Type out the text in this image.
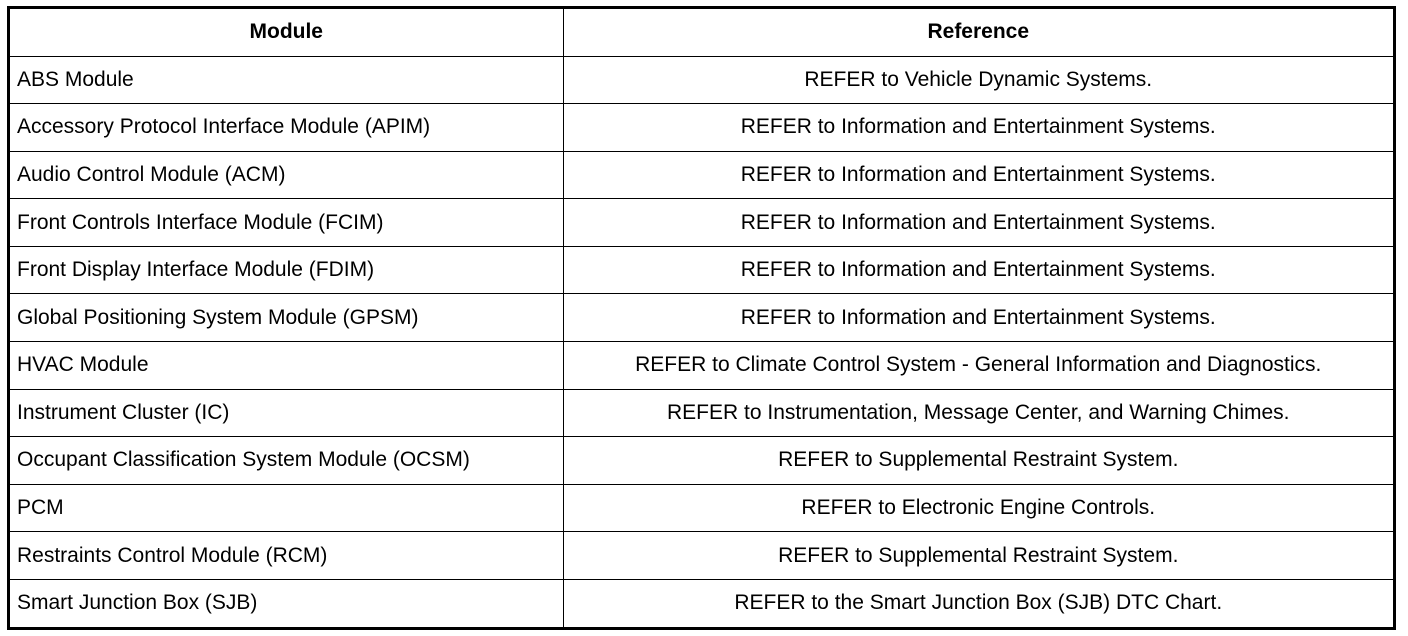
Module	Reference
ABS Module	REFER to Vehicle Dynamic Systems.
Accessory Protocol Interface Module (APIM)	REFER to Information and Entertainment Systems.
Audio Control Module (ACM)	REFER to Information and Entertainment Systems.
Front Controls Interface Module (FCIM)	REFER to Information and Entertainment Systems.
Front Display Interface Module (FDIM)	REFER to Information and Entertainment Systems.
Global Positioning System Module (GPSM)	REFER to Information and Entertainment Systems.
HVAC Module	REFER to Climate Control System - General Information and Diagnostics.
Instrument Cluster (IC)	REFER to Instrumentation, Message Center, and Warning Chimes.
Occupant Classification System Module (OCSM)	REFER to Supplemental Restraint System.
PCM	REFER to Electronic Engine Controls.
Restraints Control Module (RCM)	REFER to Supplemental Restraint System.
Smart Junction Box (SJB)	REFER to the Smart Junction Box (SJB) DTC Chart.
